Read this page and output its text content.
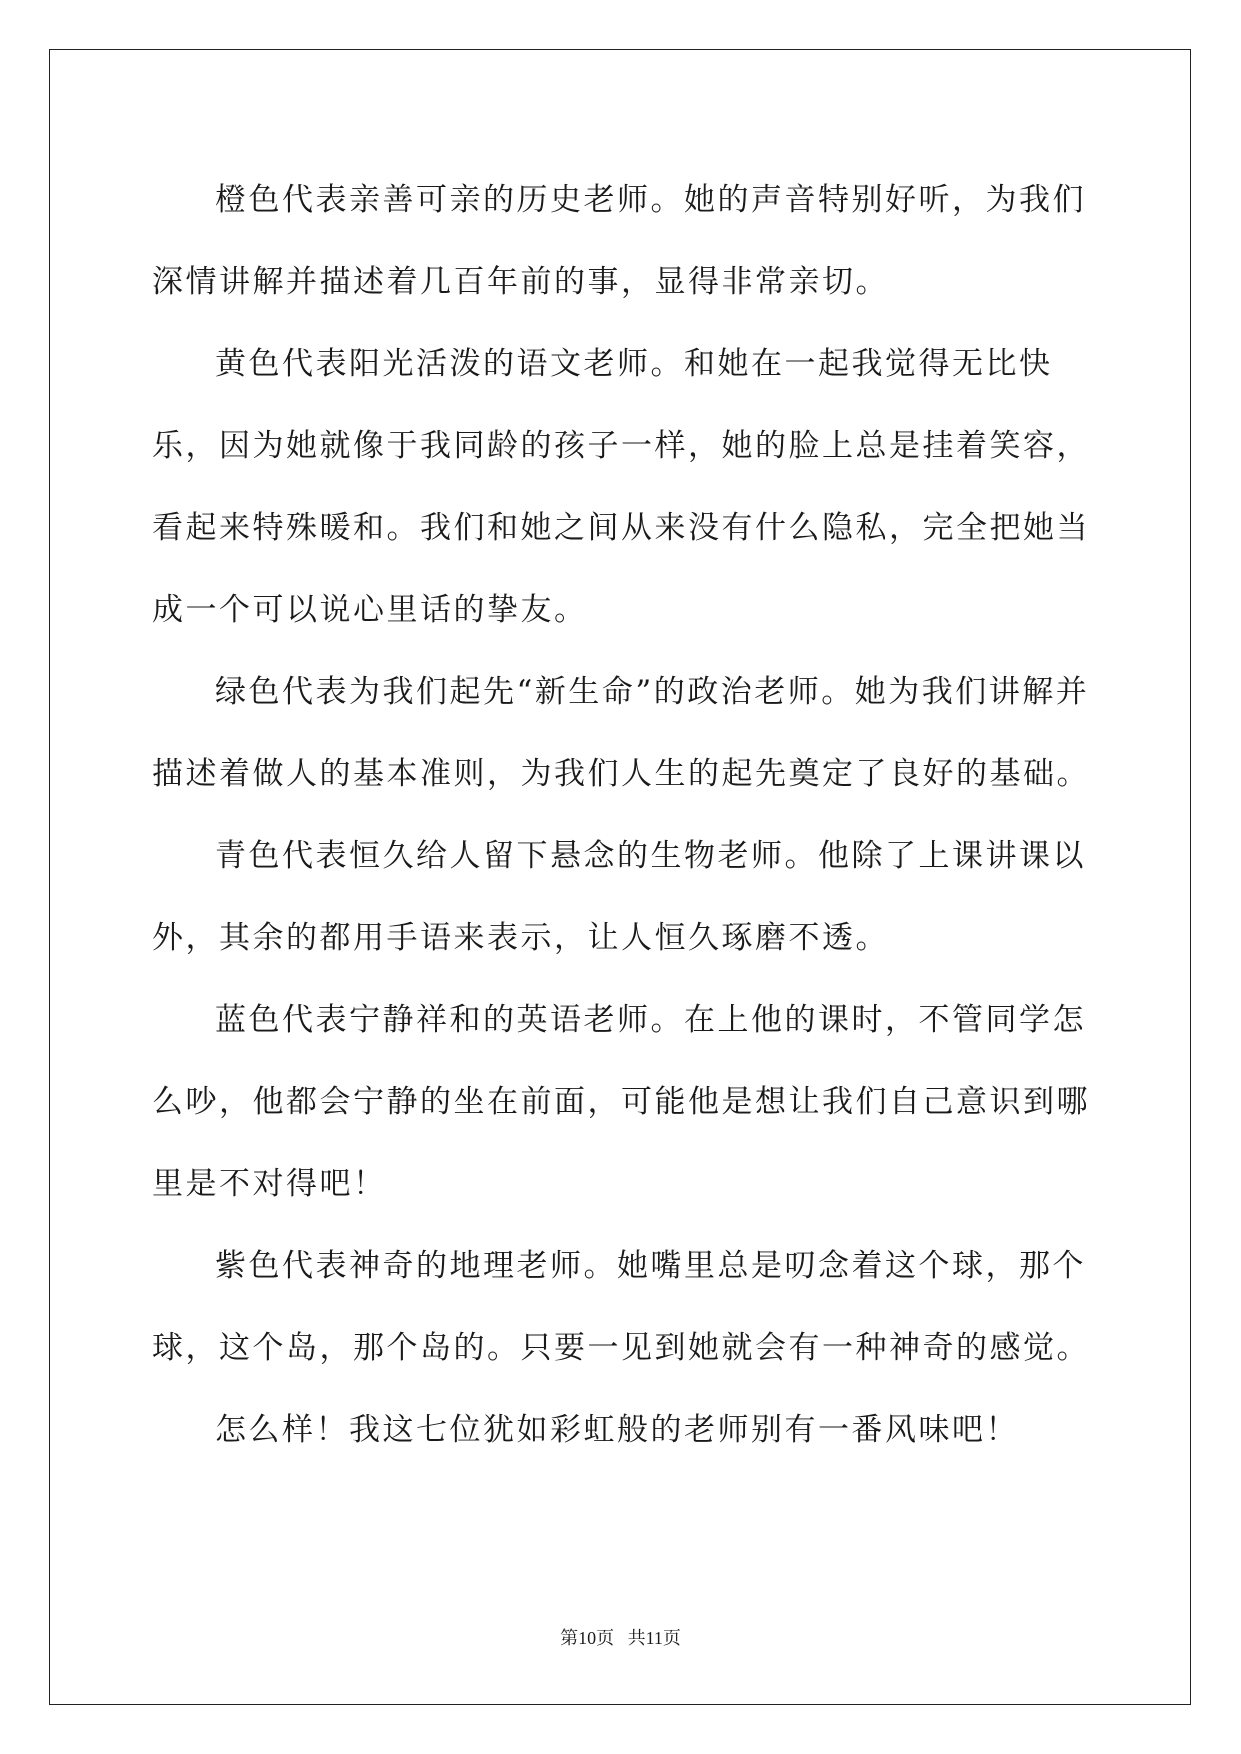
橙色代表亲善可亲的历史老师。她的声音特别好听，为我们深情讲解并描述着几百年前的事，显得非常亲切。

黄色代表阳光活泼的语文老师。和她在一起我觉得无比快乐，因为她就像于我同龄的孩子一样，她的脸上总是挂着笑容，看起来特殊暖和。我们和她之间从来没有什么隐私，完全把她当成一个可以说心里话的挚友。

绿色代表为我们起先“新生命”的政治老师。她为我们讲解并描述着做人的基本准则，为我们人生的起先奠定了良好的基础。

青色代表恒久给人留下悬念的生物老师。他除了上课讲课以外，其余的都用手语来表示，让人恒久琢磨不透。

蓝色代表宁静祥和的英语老师。在上他的课时，不管同学怎么吵，他都会宁静的坐在前面，可能他是想让我们自己意识到哪里是不对得吧！

紫色代表神奇的地理老师。她嘴里总是叨念着这个球，那个球，这个岛，那个岛的。只要一见到她就会有一种神奇的感觉。

怎么样！我这七位犹如彩虹般的老师别有一番风味吧！

第10页 共11页
